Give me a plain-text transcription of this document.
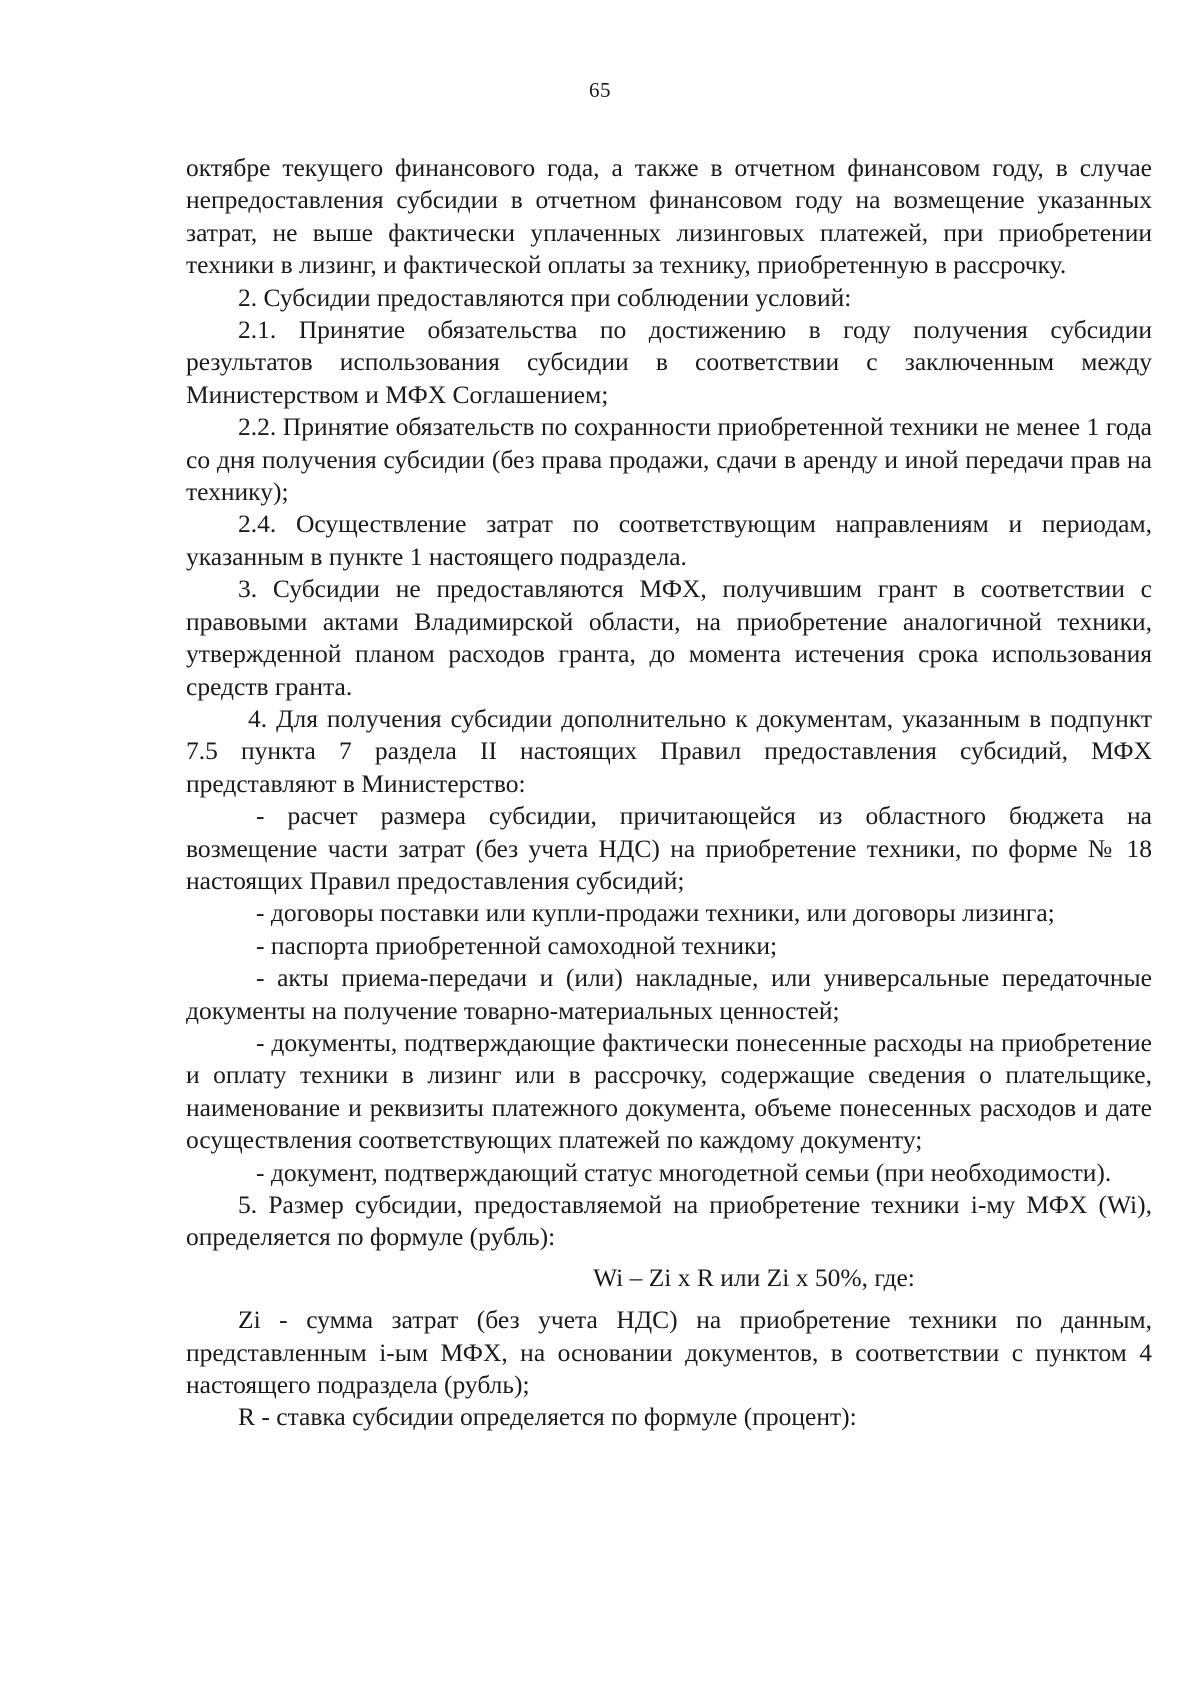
65

октябре текущего финансового года, а также в отчетном финансовом году, в случае непредоставления субсидии в отчетном финансовом году на возмещение указанных затрат, не выше фактически уплаченных лизинговых платежей, при приобретении техники в лизинг, и фактической оплаты за технику, приобретенную в рассрочку.

2. Субсидии предоставляются при соблюдении условий:

2.1. Принятие обязательства по достижению в году получения субсидии результатов использования субсидии в соответствии с заключенным между Министерством и МФХ Соглашением;

2.2. Принятие обязательств по сохранности приобретенной техники не менее 1 года со дня получения субсидии (без права продажи, сдачи в аренду и иной передачи прав на технику);

2.4. Осуществление затрат по соответствующим направлениям и периодам, указанным в пункте 1 настоящего подраздела.

3. Субсидии не предоставляются МФХ, получившим грант в соответствии с правовыми актами Владимирской области, на приобретение аналогичной техники, утвержденной планом расходов гранта, до момента истечения срока использования средств гранта.

4. Для получения субсидии дополнительно к документам, указанным в подпункт 7.5 пункта 7 раздела II настоящих Правил предоставления субсидий, МФХ представляют в Министерство:

- расчет размера субсидии, причитающейся из областного бюджета на возмещение части затрат (без учета НДС) на приобретение техники, по форме № 18 настоящих Правил предоставления субсидий;

- договоры поставки или купли-продажи техники, или договоры лизинга;

- паспорта приобретенной самоходной техники;

- акты приема-передачи и (или) накладные, или универсальные передаточные документы на получение товарно-материальных ценностей;

- документы, подтверждающие фактически понесенные расходы на приобретение и оплату техники в лизинг или в рассрочку, содержащие сведения о плательщике, наименование и реквизиты платежного документа, объеме понесенных расходов и дате осуществления соответствующих платежей по каждому документу;

- документ, подтверждающий статус многодетной семьи (при необходимости).

5. Размер субсидии, предоставляемой на приобретение техники i-му МФХ (Wi), определяется по формуле (рубль):

Wi – Zi x R или Zi x 50%, где:

Zi - сумма затрат (без учета НДС) на приобретение техники по данным, представленным i-ым МФХ, на основании документов, в соответствии с пунктом 4 настоящего подраздела (рубль);

R - ставка субсидии определяется по формуле (процент):
